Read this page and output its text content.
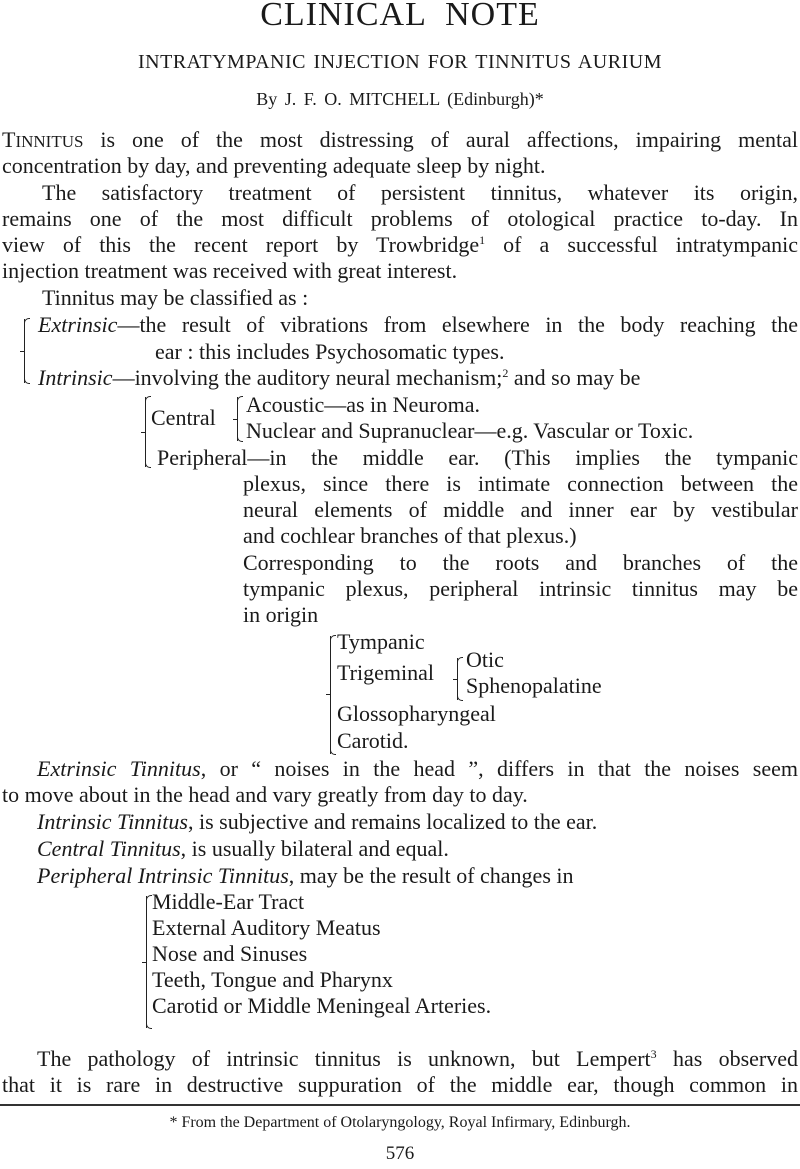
CLINICAL NOTE
INTRATYMPANIC INJECTION FOR TINNITUS AURIUM
By J. F. O. MITCHELL (Edinburgh)*
TINNITUS is one of the most distressing of aural affections, impairing mental
concentration by day, and preventing adequate sleep by night.
The satisfactory treatment of persistent tinnitus, whatever its origin,
remains one of the most difficult problems of otological practice to-day. In
view of this the recent report by Trowbridge$^1$ of a successful intratympanic
injection treatment was received with great interest.
Tinnitus may be classified as :
Extrinsic—the result of vibrations from elsewhere in the body reaching the
ear : this includes Psychosomatic types.
Intrinsic—involving the auditory neural mechanism;$^2$ and so may be
Central
Acoustic—as in Neuroma.
Nuclear and Supranuclear—e.g. Vascular or Toxic.
Peripheral—in  the  middle  ear.  (This  implies  the  tympanic
plexus, since there is intimate connection between the
neural elements of middle and inner ear by vestibular
and cochlear branches of that plexus.)
Corresponding to the roots and branches of the
tympanic plexus, peripheral intrinsic tinnitus may be
in origin
Tympanic
Trigeminal
Otic
Sphenopalatine
Glossopharyngeal
Carotid.
Extrinsic Tinnitus, or “ noises in the head ”, differs in that the noises seem
to move about in the head and vary greatly from day to day.
Intrinsic Tinnitus, is subjective and remains localized to the ear.
Central Tinnitus, is usually bilateral and equal.
Peripheral Intrinsic Tinnitus, may be the result of changes in
Middle-Ear Tract
External Auditory Meatus
Nose and Sinuses
Teeth, Tongue and Pharynx
Carotid or Middle Meningeal Arteries.
The pathology of intrinsic tinnitus is unknown, but Lempert$^3$ has observed
that it is rare in destructive suppuration of the middle ear, though common in
* From the Department of Otolaryngology, Royal Infirmary, Edinburgh.
576
